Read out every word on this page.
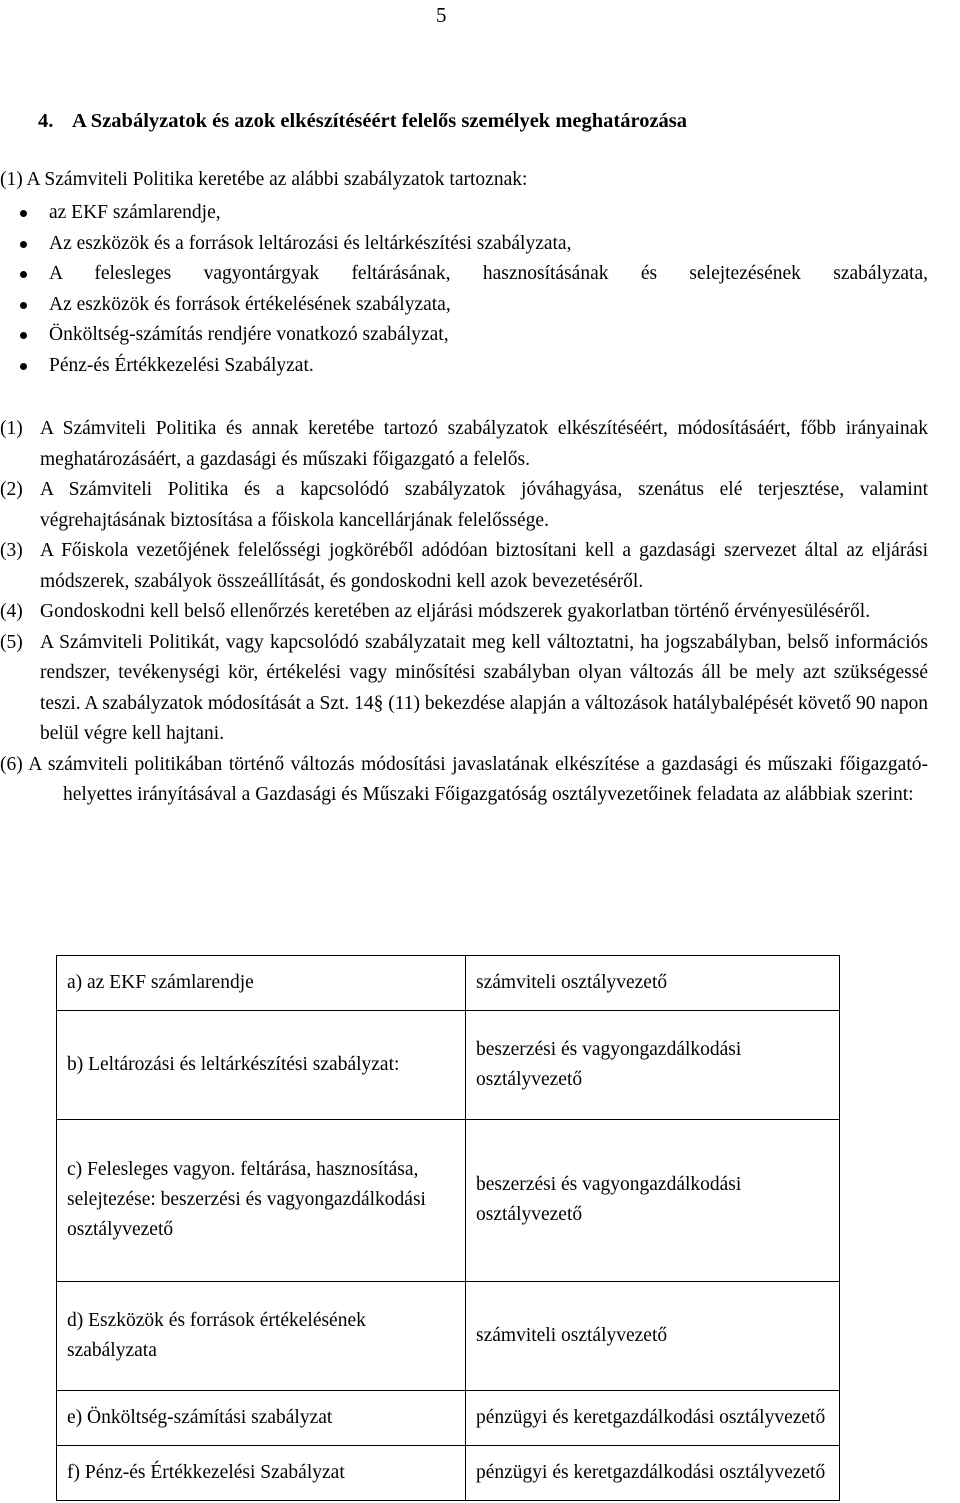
5
4. A Szabályzatok és azok elkészítéséért felelős személyek meghatározása
(1) A Számviteli Politika keretébe az alábbi szabályzatok tartoznak:
az EKF számlarendje,
Az eszközök és a források leltározási és leltárkészítési szabályzata,
A felesleges vagyontárgyak feltárásának, hasznosításának és selejtezésének szabályzata,
Az eszközök és források értékelésének szabályzata,
Önköltség-számítás rendjére vonatkozó szabályzat,
Pénz-és Értékkezelési Szabályzat.
(1) A Számviteli Politika és annak keretébe tartozó szabályzatok elkészítéséért, módosításáért, főbb irányainak meghatározásáért, a gazdasági és műszaki főigazgató a felelős.
(2) A Számviteli Politika és a kapcsolódó szabályzatok jóváhagyása, szenátus elé terjesztése, valamint végrehajtásának biztosítása a főiskola kancellárjának felelőssége.
(3) A Főiskola vezetőjének felelősségi jogköréből adódóan biztosítani kell a gazdasági szervezet által az eljárási módszerek, szabályok összeállítását, és gondoskodni kell azok bevezetéséről.
(4) Gondoskodni kell belső ellenőrzés keretében az eljárási módszerek gyakorlatban történő érvényesüléséről.
(5) A Számviteli Politikát, vagy kapcsolódó szabályzatait meg kell változtatni, ha jogszabályban, belső információs rendszer, tevékenységi kör, értékelési vagy minősítési szabályban olyan változás áll be mely azt szükségessé teszi. A szabályzatok módosítását a Szt. 14§ (11) bekezdése alapján a változások hatálybalépését követő 90 napon belül végre kell hajtani.
(6) A számviteli politikában történő változás módosítási javaslatának elkészítése a gazdasági és műszaki főigazgató-helyettes irányításával a Gazdasági és Műszaki Főigazgatóság osztályvezetőinek feladata az alábbiak szerint:
a) az EKF számlarendje	számviteli osztályvezető
b) Leltározási és leltárkészítési szabályzat:	beszerzési és vagyongazdálkodási osztályvezető
c) Felesleges vagyon. feltárása, hasznosítása, selejtezése: beszerzési és vagyongazdálkodási osztályvezető	beszerzési és vagyongazdálkodási osztályvezető
d) Eszközök és források értékelésének szabályzata	számviteli osztályvezető
e) Önköltség-számítási szabályzat	pénzügyi és keretgazdálkodási osztályvezető
f) Pénz-és Értékkezelési Szabályzat	pénzügyi és keretgazdálkodási osztályvezető
